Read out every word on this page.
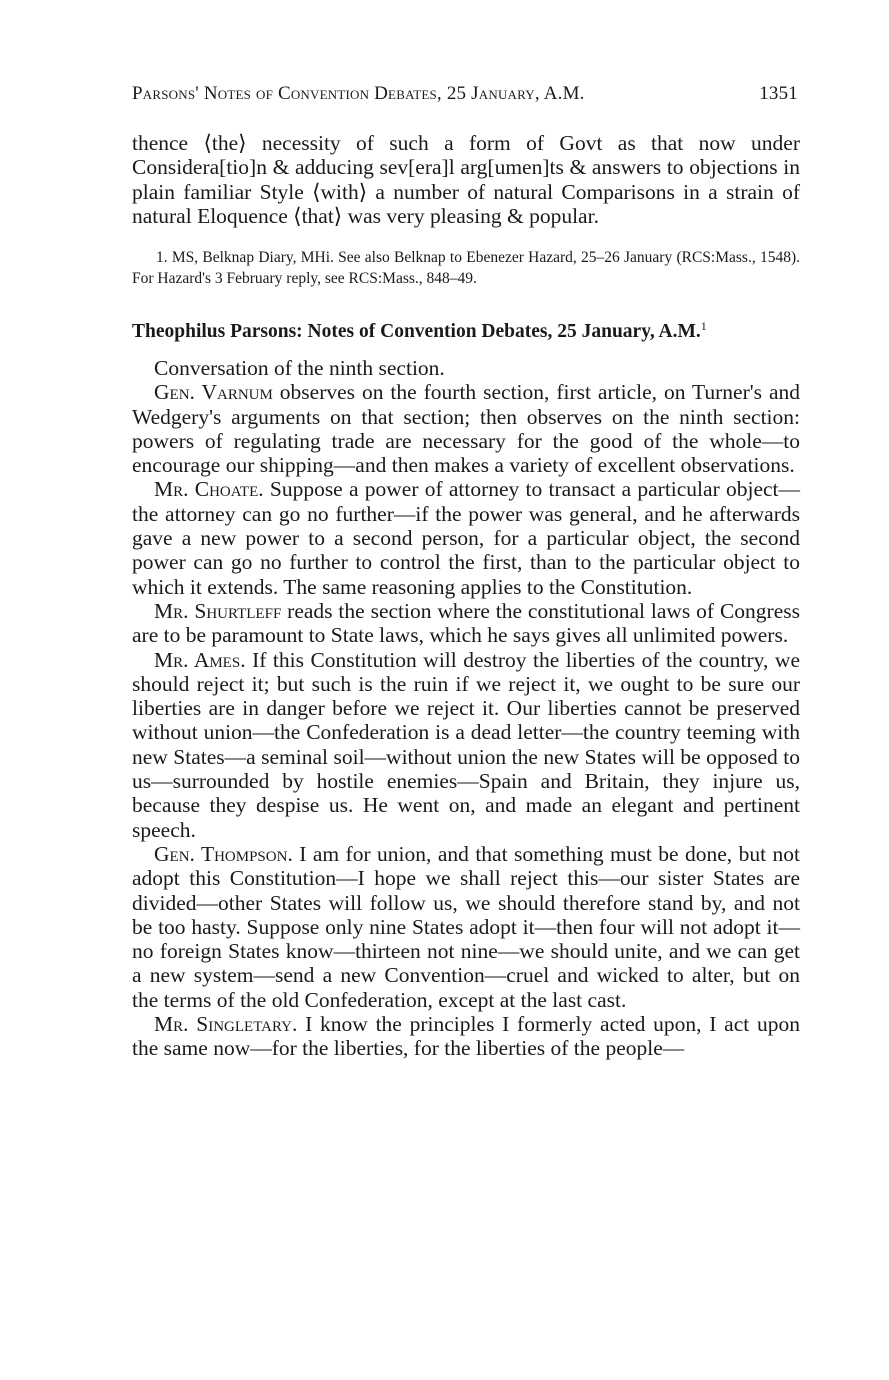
Parsons' Notes of Convention Debates, 25 January, A.M.	1351

thence ⟨the⟩ necessity of such a form of Govt as that now under Considera[tio]n & adducing sev[era]l arg[umen]ts & answers to objections in plain familiar Style ⟨with⟩ a number of natural Comparisons in a strain of natural Eloquence ⟨that⟩ was very pleasing & popular.

1. MS, Belknap Diary, MHi. See also Belknap to Ebenezer Hazard, 25–26 January (RCS:Mass., 1548). For Hazard's 3 February reply, see RCS:Mass., 848–49.

Theophilus Parsons: Notes of Convention Debates, 25 January, A.M.$^1$

Conversation of the ninth section.

Gen. Varnum observes on the fourth section, first article, on Turner's and Wedgery's arguments on that section; then observes on the ninth section: powers of regulating trade are necessary for the good of the whole—to encourage our shipping—and then makes a variety of excellent observations.

Mr. Choate. Suppose a power of attorney to transact a particular object—the attorney can go no further—if the power was general, and he afterwards gave a new power to a second person, for a particular object, the second power can go no further to control the first, than to the particular object to which it extends. The same reasoning applies to the Constitution.

Mr. Shurtleff reads the section where the constitutional laws of Congress are to be paramount to State laws, which he says gives all unlimited powers.

Mr. Ames. If this Constitution will destroy the liberties of the country, we should reject it; but such is the ruin if we reject it, we ought to be sure our liberties are in danger before we reject it. Our liberties cannot be preserved without union—the Confederation is a dead letter—the country teeming with new States—a seminal soil—without union the new States will be opposed to us—surrounded by hostile enemies—Spain and Britain, they injure us, because they despise us. He went on, and made an elegant and pertinent speech.

Gen. Thompson. I am for union, and that something must be done, but not adopt this Constitution—I hope we shall reject this—our sister States are divided—other States will follow us, we should therefore stand by, and not be too hasty. Suppose only nine States adopt it—then four will not adopt it—no foreign States know—thirteen not nine—we should unite, and we can get a new system—send a new Convention—cruel and wicked to alter, but on the terms of the old Confederation, except at the last cast.

Mr. Singletary. I know the principles I formerly acted upon, I act upon the same now—for the liberties, for the liberties of the people—
